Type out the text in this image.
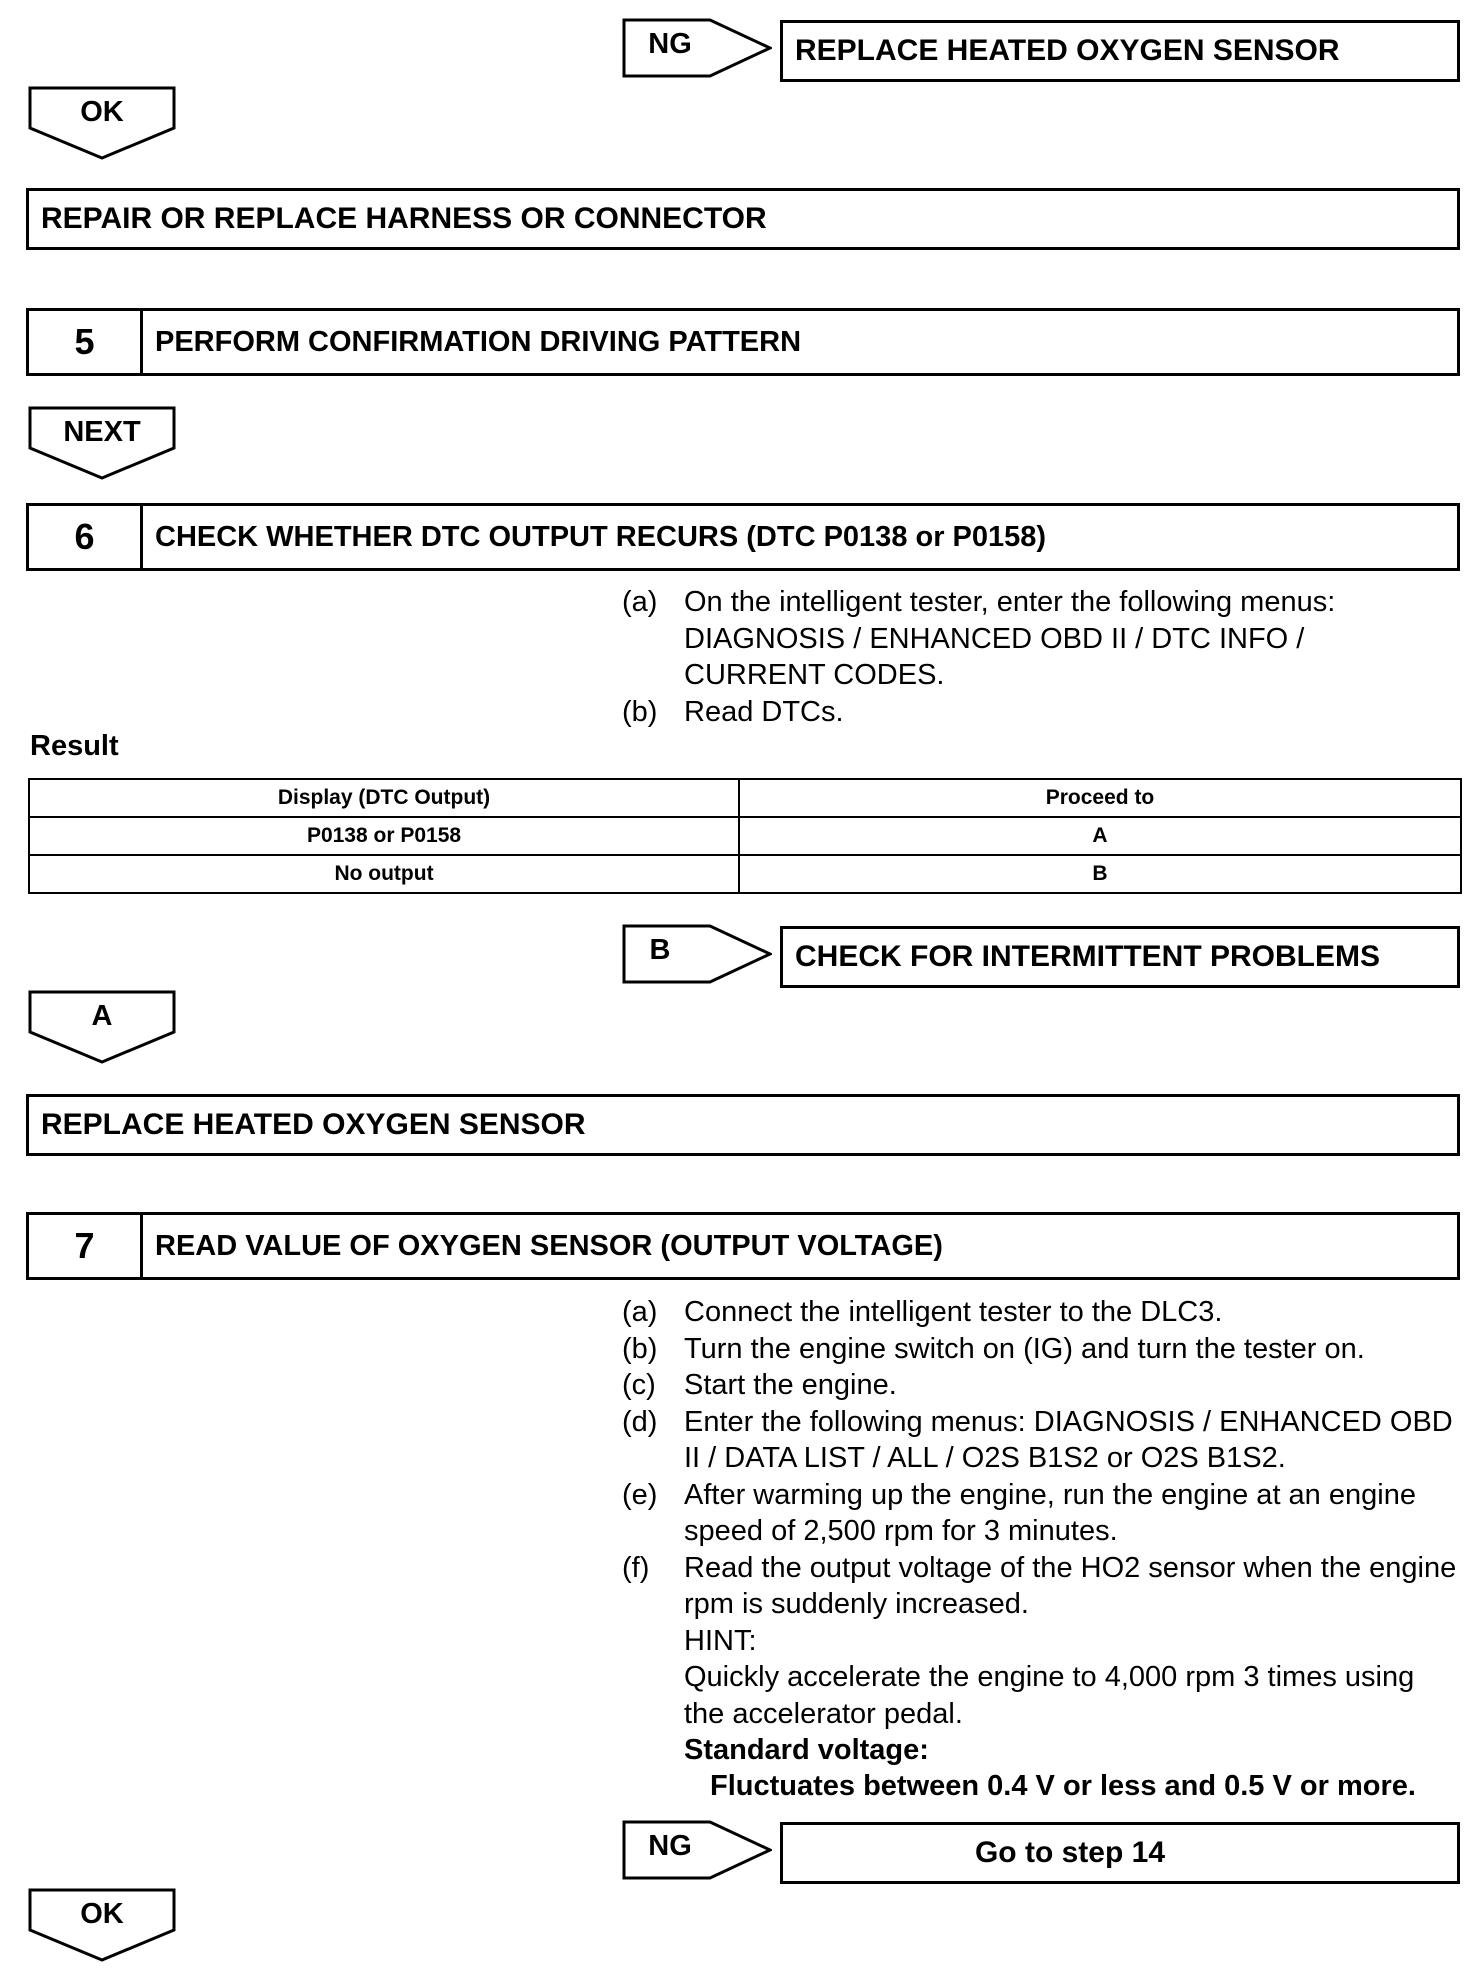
NG	REPLACE HEATED OXYGEN SENSOR
OK
REPAIR OR REPLACE HARNESS OR CONNECTOR
5	PERFORM CONFIRMATION DRIVING PATTERN
NEXT
6	CHECK WHETHER DTC OUTPUT RECURS (DTC P0138 or P0158)
(a) On the intelligent tester, enter the following menus: DIAGNOSIS / ENHANCED OBD II / DTC INFO / CURRENT CODES.
(b) Read DTCs.
Result
Display (DTC Output)	Proceed to
P0138 or P0158	A
No output	B
B	CHECK FOR INTERMITTENT PROBLEMS
A
REPLACE HEATED OXYGEN SENSOR
7	READ VALUE OF OXYGEN SENSOR (OUTPUT VOLTAGE)
(a) Connect the intelligent tester to the DLC3.
(b) Turn the engine switch on (IG) and turn the tester on.
(c) Start the engine.
(d) Enter the following menus: DIAGNOSIS / ENHANCED OBD II / DATA LIST / ALL / O2S B1S2 or O2S B1S2.
(e) After warming up the engine, run the engine at an engine speed of 2,500 rpm for 3 minutes.
(f)	Read the output voltage of the HO2 sensor when the engine rpm is suddenly increased.
HINT:
Quickly accelerate the engine to 4,000 rpm 3 times using the accelerator pedal.
Standard voltage:
Fluctuates between 0.4 V or less and 0.5 V or more.
NG	Go to step 14
OK
